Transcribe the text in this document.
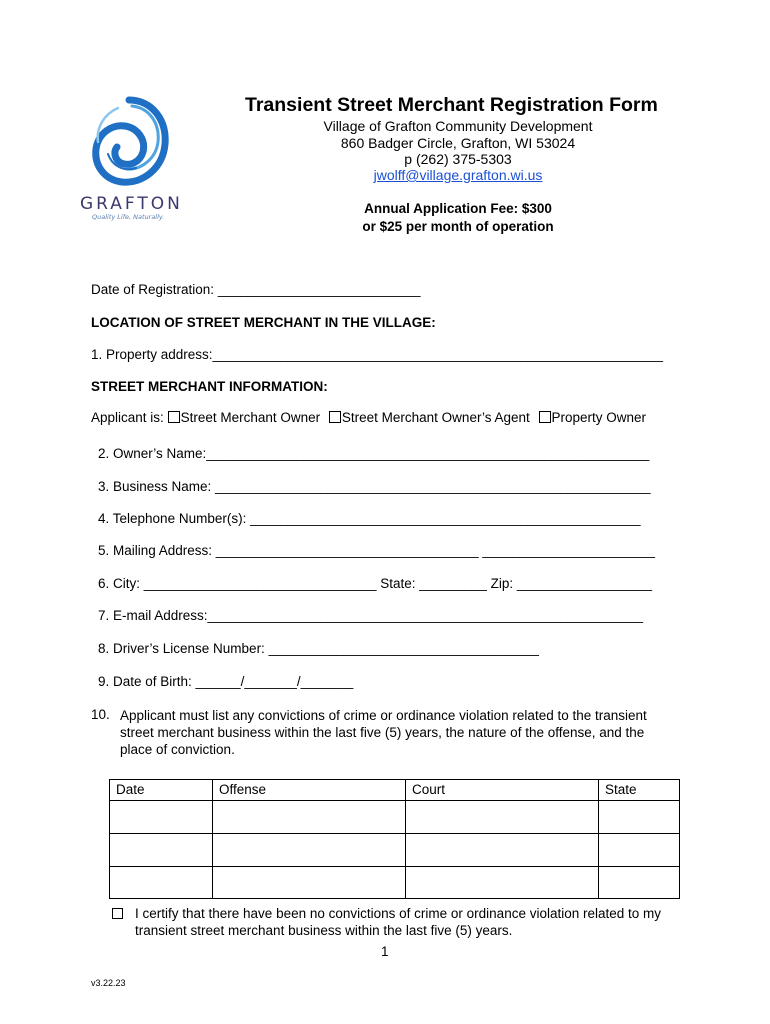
GRAFTON
Quality Life, Naturally.
Transient Street Merchant Registration Form
Village of Grafton Community Development
860 Badger Circle, Grafton, WI 53024
p (262) 375-5303
jwolff@village.grafton.wi.us
Annual Application Fee: $300
or $25 per month of operation
Date of Registration: ___________________________
LOCATION OF STREET MERCHANT IN THE VILLAGE:
1. Property address:____________________________________________________________
STREET MERCHANT INFORMATION:
Applicant is: Street Merchant Owner Street Merchant Owner’s Agent Property Owner
2. Owner’s Name:___________________________________________________________
3. Business Name: __________________________________________________________
4. Telephone Number(s): ____________________________________________________
5. Mailing Address: ___________________________________ _______________________
6. City: _______________________________ State: _________ Zip: __________________
7. E-mail Address:__________________________________________________________
8. Driver’s License Number: ____________________________________
9. Date of Birth: ______/_______/_______
10. Applicant must list any convictions of crime or ordinance violation related to the transient street merchant business within the last five (5) years, the nature of the offense, and the place of conviction.
Date	Offense	Court	State

I certify that there have been no convictions of crime or ordinance violation related to my transient street merchant business within the last five (5) years.
1
v3.22.23
